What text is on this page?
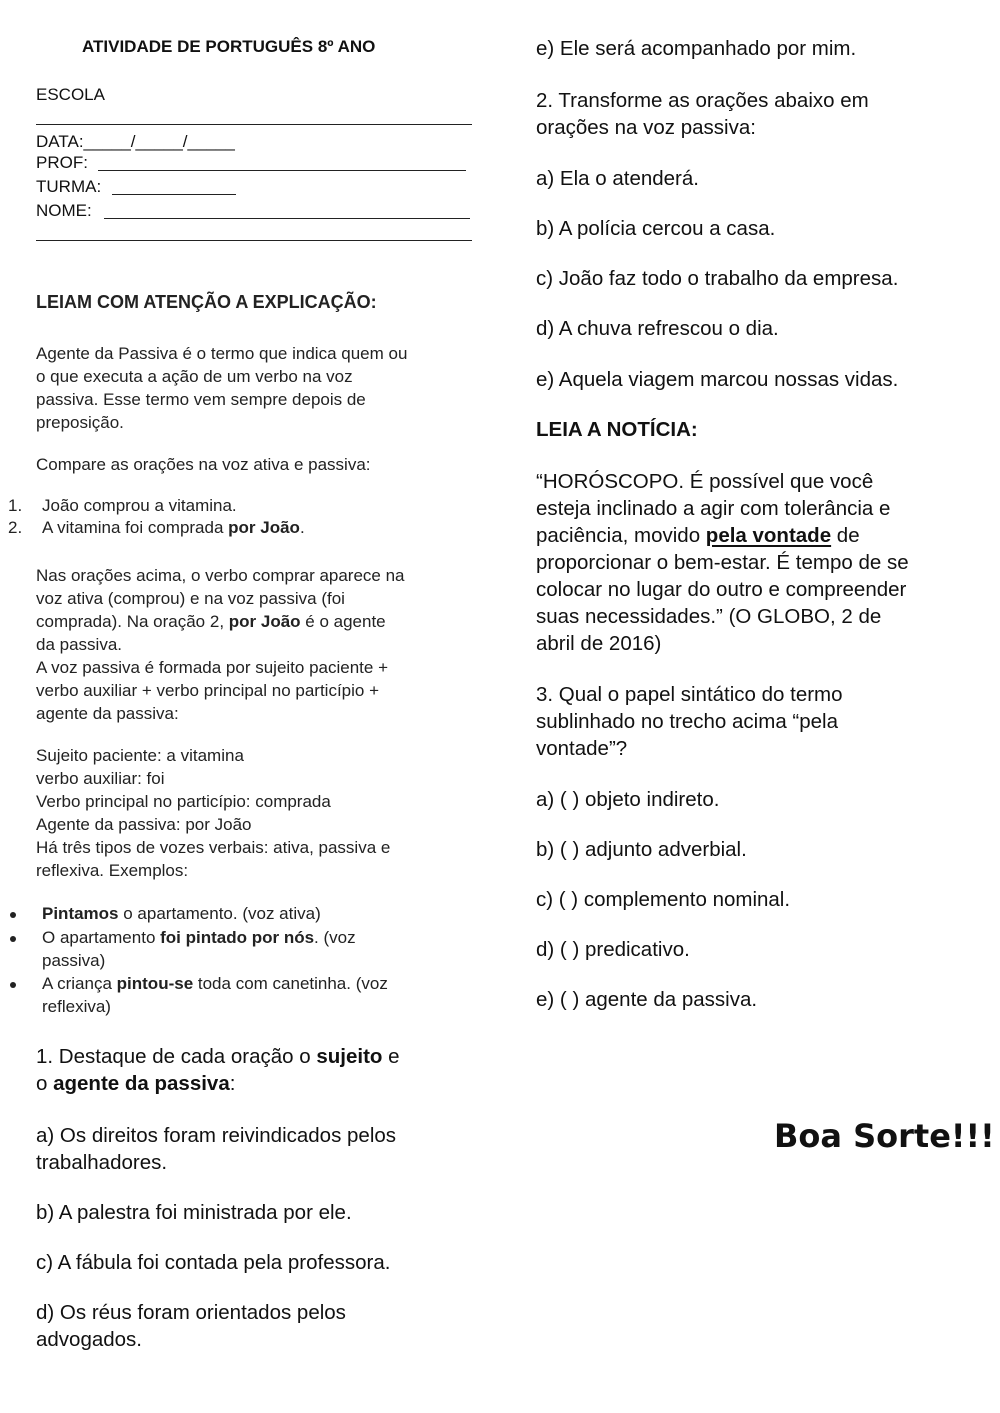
ATIVIDADE DE PORTUGUÊS 8º ANO
ESCOLA
DATA:_____/_____/_____
PROF:
TURMA:
NOME:
LEIAM COM ATENÇÃO A EXPLICAÇÃO:
Agente da Passiva é o termo que indica quem ou
o que executa a ação de um verbo na voz
passiva. Esse termo vem sempre depois de
preposição.
Compare as orações na voz ativa e passiva:
1. João comprou a vitamina.
2. A vitamina foi comprada por João.
Nas orações acima, o verbo comprar aparece na
voz ativa (comprou) e na voz passiva (foi
comprada). Na oração 2, por João é o agente
da passiva.
A voz passiva é formada por sujeito paciente +
verbo auxiliar + verbo principal no particípio +
agente da passiva:
Sujeito paciente: a vitamina
verbo auxiliar: foi
Verbo principal no particípio: comprada
Agente da passiva: por João
Há três tipos de vozes verbais: ativa, passiva e
reflexiva. Exemplos:
Pintamos o apartamento. (voz ativa)
O apartamento foi pintado por nós. (voz
passiva)
A criança pintou-se toda com canetinha. (voz
reflexiva)
1. Destaque de cada oração o sujeito e
o agente da passiva:
a) Os direitos foram reivindicados pelos
trabalhadores.
b) A palestra foi ministrada por ele.
c) A fábula foi contada pela professora.
d) Os réus foram orientados pelos
advogados.
e) Ele será acompanhado por mim.
2. Transforme as orações abaixo em
orações na voz passiva:
a) Ela o atenderá.
b) A polícia cercou a casa.
c) João faz todo o trabalho da empresa.
d) A chuva refrescou o dia.
e) Aquela viagem marcou nossas vidas.
LEIA A NOTÍCIA:
“HORÓSCOPO. É possível que você
esteja inclinado a agir com tolerância e
paciência, movido pela vontade de
proporcionar o bem-estar. É tempo de se
colocar no lugar do outro e compreender
suas necessidades.” (O GLOBO, 2 de
abril de 2016)
3. Qual o papel sintático do termo
sublinhado no trecho acima “pela
vontade”?
a) ( ) objeto indireto.
b) ( ) adjunto adverbial.
c) ( ) complemento nominal.
d) ( ) predicativo.
e) ( ) agente da passiva.
Boa Sorte!!!
